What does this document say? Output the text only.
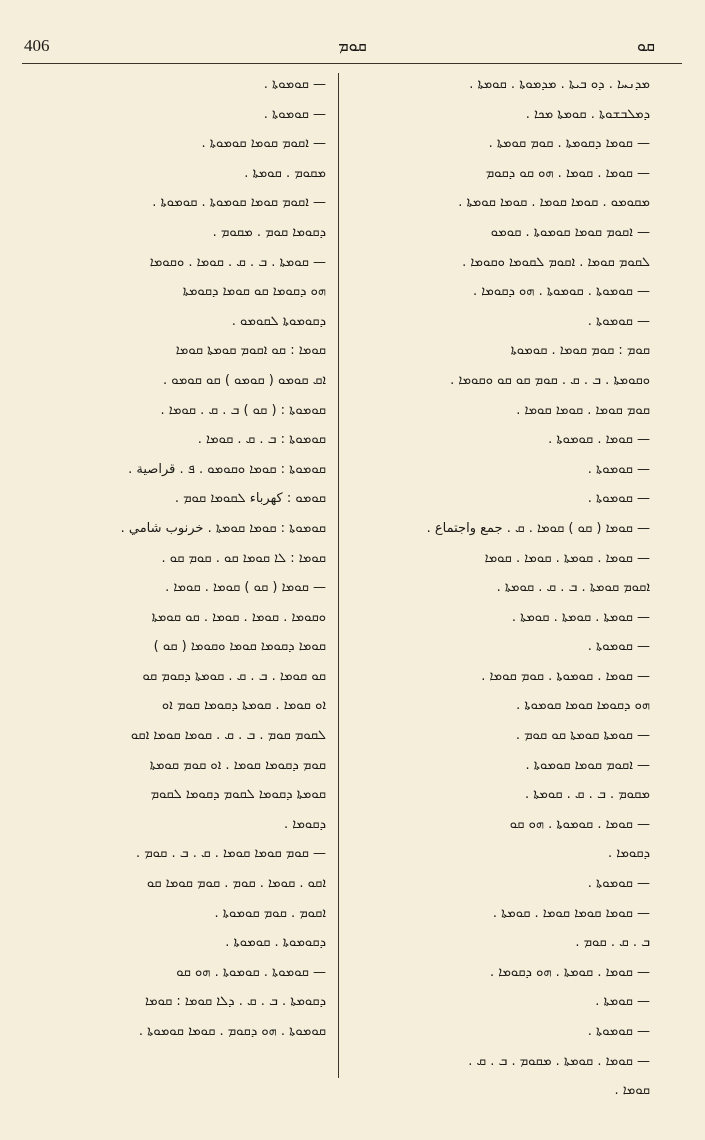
406	ܩܘܡ	ܩܘ
— ܩܘܡܘܬܐ .
— ܩܘܡܘܬܐ .
— ܐܩܘܡ ܩܘܡܐ ܩܘܡܘܬܐ .
ܡܩܘܡ . ܩܘܡܬܐ .
— ܐܩܘܡ ܩܘܡܐ ܩܘܡܘܬܐ . ܩܘܡܘܬܐ .
ܕܩܘܡܐ ܩܘܡ . ܡܩܘܡ .
— ܩܘܡܬܐ . ܒ . ܩ . ܩܘܡܐ . ܘܩܘܡܐ
ܗܘ ܕܩܘܡܐ ܩܘ ܩܘܡܐ ܕܩܘܡܬܐ
ܕܩܘܡܘܬܐ ܠܩܘܡܘ .
ܩܘܡܐ : ܩܘ ܐܩܘܡ ܩܘܡܬܐ ܩܘܡܐ
ܐܩ ܩܘܡܘ ( ܩܘܡܘ ) ܩܘ ܩܘܡܘ .
ܩܘܡܘܬܐ : ( ܩܘ ) ܒ . ܩ . ܩܘܡܐ .
ܩܘܡܘܬܐ : ܒ . ܩ . ܩܘܡܐ .
ܩܘܡܘܬܐ : ܩܘܡܐ ܘܩܘܡܘ . ܦ . قراصية .
ܩܘܡܘ : كهرباء ܠܩܘܡܐ ܩܘܡ .
ܩܘܡܘܬܐ : ܩܘܡܐ ܩܘܡܬܐ . خرنوب شامي .
ܩܘܡܐ : ܠܐ ܩܘܡܐ ܩܘ . ܩܘܡ ܩܘ .
— ܩܘܡܐ ( ܩܘ ) ܩܘܡܐ . ܩܘܡܐ .
ܘܩܘܡܐ . ܩܘܡܐ . ܩܘܡܐ . ܩܘ ܩܘܡܬܐ
ܩܘܡܐ ܕܩܘܡܐ ܩܘܡܐ ܘܩܘܡܐ ( ܩܘ )
ܩܘ ܩܘܡܐ . ܒ . ܩ . ܩܘܡܬܐ ܕܩܘܡ ܩܘ
ܐܘ ܩܘܡܐ . ܩܘܡܬܐ ܕܩܘܡܐ ܩܘܡ ܐܘ
ܠܩܘܡ ܩܘܡ . ܒ . ܩ . ܩܘܡܐ ܩܘܡܐ ܐܩܘ
ܩܘܡ ܕܩܘܡܐ ܩܘܡܐ . ܐܘ ܩܘܡ ܩܘܡܬܐ
ܩܘܡܬܐ ܕܩܘܡܐ ܠܩܘܡ ܕܩܘܡܐ ܠܩܘܡ
ܕܩܘܡܐ .
— ܩܘܡ ܩܘܡܐ ܩܘܡܐ . ܩ . ܒ . ܩܘܡ .
ܐܩܘ . ܩܘܡܐ . ܩܘܡ . ܩܘܡ ܩܘܡܐ ܩܘ
ܐܩܘܡ . ܩܘܡ ܩܘܡܘܬܐ .
ܕܩܘܡܘܬܐ . ܩܘܡܘܬܐ .
— ܩܘܡܘܬܐ . ܩܘܡܘܬܐ . ܗܘ ܩܘ
ܕܩܘܡܬܐ . ܒ . ܩ . ܕܠܐ ܩܘܡܐ : ܩܘܡܐ
ܩܘܡܘܬܐ . ܗܘ ܕܩܘܡ . ܩܘܡܐ ܩܘܡܘܬܐ .
ܡܕܢܚܐ . ܕܘ ܒܝܬܐ . ܡܕܡܘܬܐ . ܩܘܡܬܐ .
ܕܡܠܒܫܘܬܐ . ܩܘܡܬܐ ܡܟܐ .
— ܩܘܡܐ ܕܩܘܡܬܐ . ܩܘܡ ܩܘܡܬܐ .
— ܩܘܡܐ . ܩܘܡܐ . ܗܘ ܩܘ ܕܩܘܡ
ܡܩܘܡܘ . ܩܘܡܐ ܩܘܡܐ . ܩܘܡܐ ܩܘܡܬܐ .
— ܐܩܘܡ ܩܘܡܐ ܩܘܡܘܬܐ . ܩܘܡܘ
ܠܩܘܡ ܩܘܡܐ . ܐܩܘܡ ܠܩܘܡܐ ܘܩܘܡܐ .
— ܩܘܡܘܬܐ . ܩܘܡܘܬܐ . ܗܘ ܕܩܘܡܐ .
— ܩܘܡܘܬܐ .
ܩܘܡ : ܩܘܡ ܩܘܡܐ . ܩܘܡܘܬܐ
ܘܩܘܡܬܐ . ܒ . ܩ . ܩܘܡ ܩܘ ܩܘ ܘܩܘܡܐ .
ܩܘܡ ܩܘܡܐ . ܩܘܡܐ ܩܘܡܐ .
— ܩܘܡܐ . ܩܘܡܘܬܐ .
— ܩܘܡܘܬܐ .
— ܩܘܡܘܬܐ .
— ܩܘܡܐ ( ܩܘ ) ܩܘܡܐ . ܩ . جمع واجتماع .
— ܩܘܡܐ . ܩܘܡܬܐ . ܩܘܡܐ . ܩܘܡܐ
ܐܩܘܡ ܩܘܡܬܐ . ܒ . ܩ . ܩܘܡܬܐ .
— ܩܘܡܬܐ . ܩܘܡܬܐ . ܩܘܡܬܐ .
— ܩܘܡܘܬܐ .
— ܩܘܡܐ . ܩܘܡܘܬܐ . ܩܘܡ ܩܘܡܐ .
ܗܘ ܕܩܘܡܐ ܩܘܡܐ ܩܘܡܘܬܐ .
— ܩܘܡܬܐ ܩܘܡܬܐ ܩܘ ܩܘܡ .
— ܐܩܘܡ ܩܘܡܐ ܩܘܡܘܬܐ .
ܡܩܘܡ . ܒ . ܩ . ܩܘܡܬܐ .
— ܩܘܡܐ . ܩܘܡܘܬܐ . ܗܘ ܩܘ
ܕܩܘܡܐ .
— ܩܘܡܘܬܐ .
— ܩܘܡܐ ܩܘܡܐ ܩܘܡܐ . ܩܘܡܬܐ .
ܒ . ܩ . ܩܘܡ .
— ܩܘܡܐ . ܩܘܡܬܐ . ܗܘ ܕܩܘܡܐ .
— ܩܘܡܬܐ .
— ܩܘܡܘܬܐ .
— ܩܘܡܐ . ܩܘܡܬܐ . ܡܩܘܡ . ܒ . ܩ .
ܩܘܡܐ .
